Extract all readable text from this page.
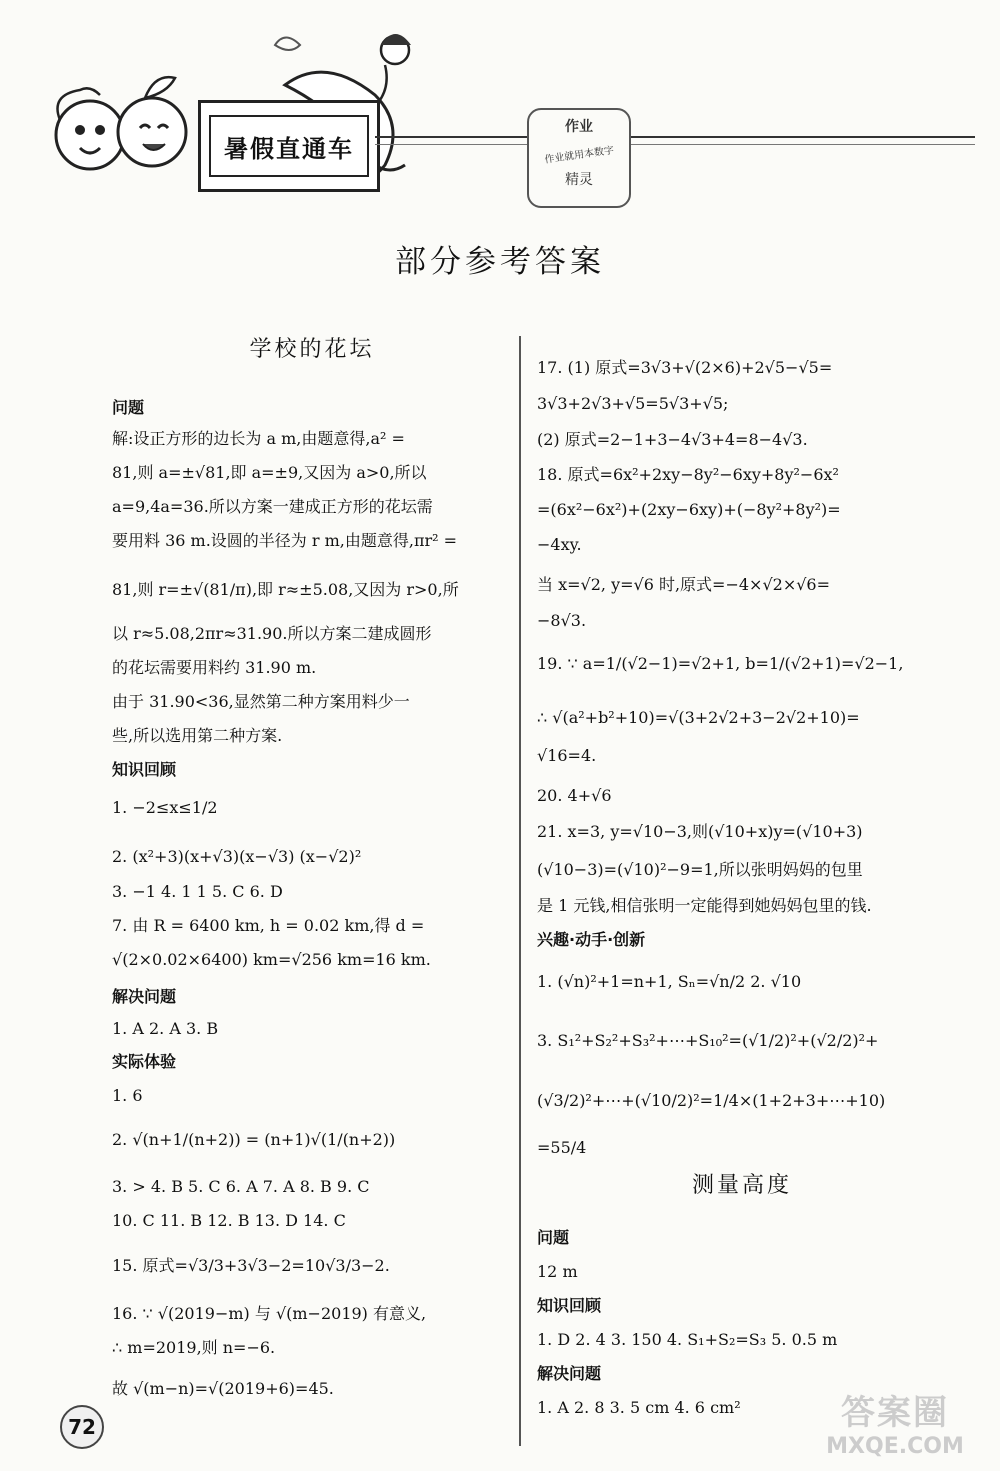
暑假直通车
作业
作业就用本数字
精灵
部分参考答案

学校的花坛

问题

解:设正方形的边长为 a m,由题意得,a² =

81,则 a=±√81,即 a=±9,又因为 a>0,所以

a=9,4a=36.所以方案一建成正方形的花坛需

要用料 36 m.设圆的半径为 r m,由题意得,πr² =

81,则 r=±√(81/π),即 r≈±5.08,又因为 r>0,所

以 r≈5.08,2πr≈31.90.所以方案二建成圆形

的花坛需要用料约 31.90 m.

由于 31.90<36,显然第二种方案用料少一

些,所以选用第二种方案.

知识回顾

1. −2≤x≤1/2

2. (x²+3)(x+√3)(x−√3) (x−√2)²

3. −1 4. 1 1 5. C 6. D

7. 由 R = 6400 km, h = 0.02 km,得 d =

√(2×0.02×6400) km=√256 km=16 km.

解决问题

1. A 2. A 3. B

实际体验

1. 6

2. √(n+1/(n+2)) = (n+1)√(1/(n+2))

3. > 4. B 5. C 6. A 7. A 8. B 9. C

10. C 11. B 12. B 13. D 14. C

15. 原式=√3/3+3√3−2=10√3/3−2.

16. ∵ √(2019−m) 与 √(m−2019) 有意义,

∴ m=2019,则 n=−6.

故 √(m−n)=√(2019+6)=45.

17. (1) 原式=3√3+√(2×6)+2√5−√5=

3√3+2√3+√5=5√3+√5;

(2) 原式=2−1+3−4√3+4=8−4√3.

18. 原式=6x²+2xy−8y²−6xy+8y²−6x²

=(6x²−6x²)+(2xy−6xy)+(−8y²+8y²)=

−4xy.

当 x=√2, y=√6 时,原式=−4×√2×√6=

−8√3.

19. ∵ a=1/(√2−1)=√2+1, b=1/(√2+1)=√2−1,

∴ √(a²+b²+10)=√(3+2√2+3−2√2+10)=

√16=4.

20. 4+√6

21. x=3, y=√10−3,则(√10+x)y=(√10+3)

(√10−3)=(√10)²−9=1,所以张明妈妈的包里

是 1 元钱,相信张明一定能得到她妈妈包里的钱.

兴趣·动手·创新

1. (√n)²+1=n+1, Sₙ=√n/2 2. √10

3. S₁²+S₂²+S₃²+⋯+S₁₀²=(√1/2)²+(√2/2)²+

(√3/2)²+⋯+(√10/2)²=1/4×(1+2+3+⋯+10)

=55/4

测量高度

问题

12 m

知识回顾

1. D 2. 4 3. 150 4. S₁+S₂=S₃ 5. 0.5 m

解决问题

1. A 2. 8 3. 5 cm 4. 6 cm²

72	答案圈
MXQE.COM
